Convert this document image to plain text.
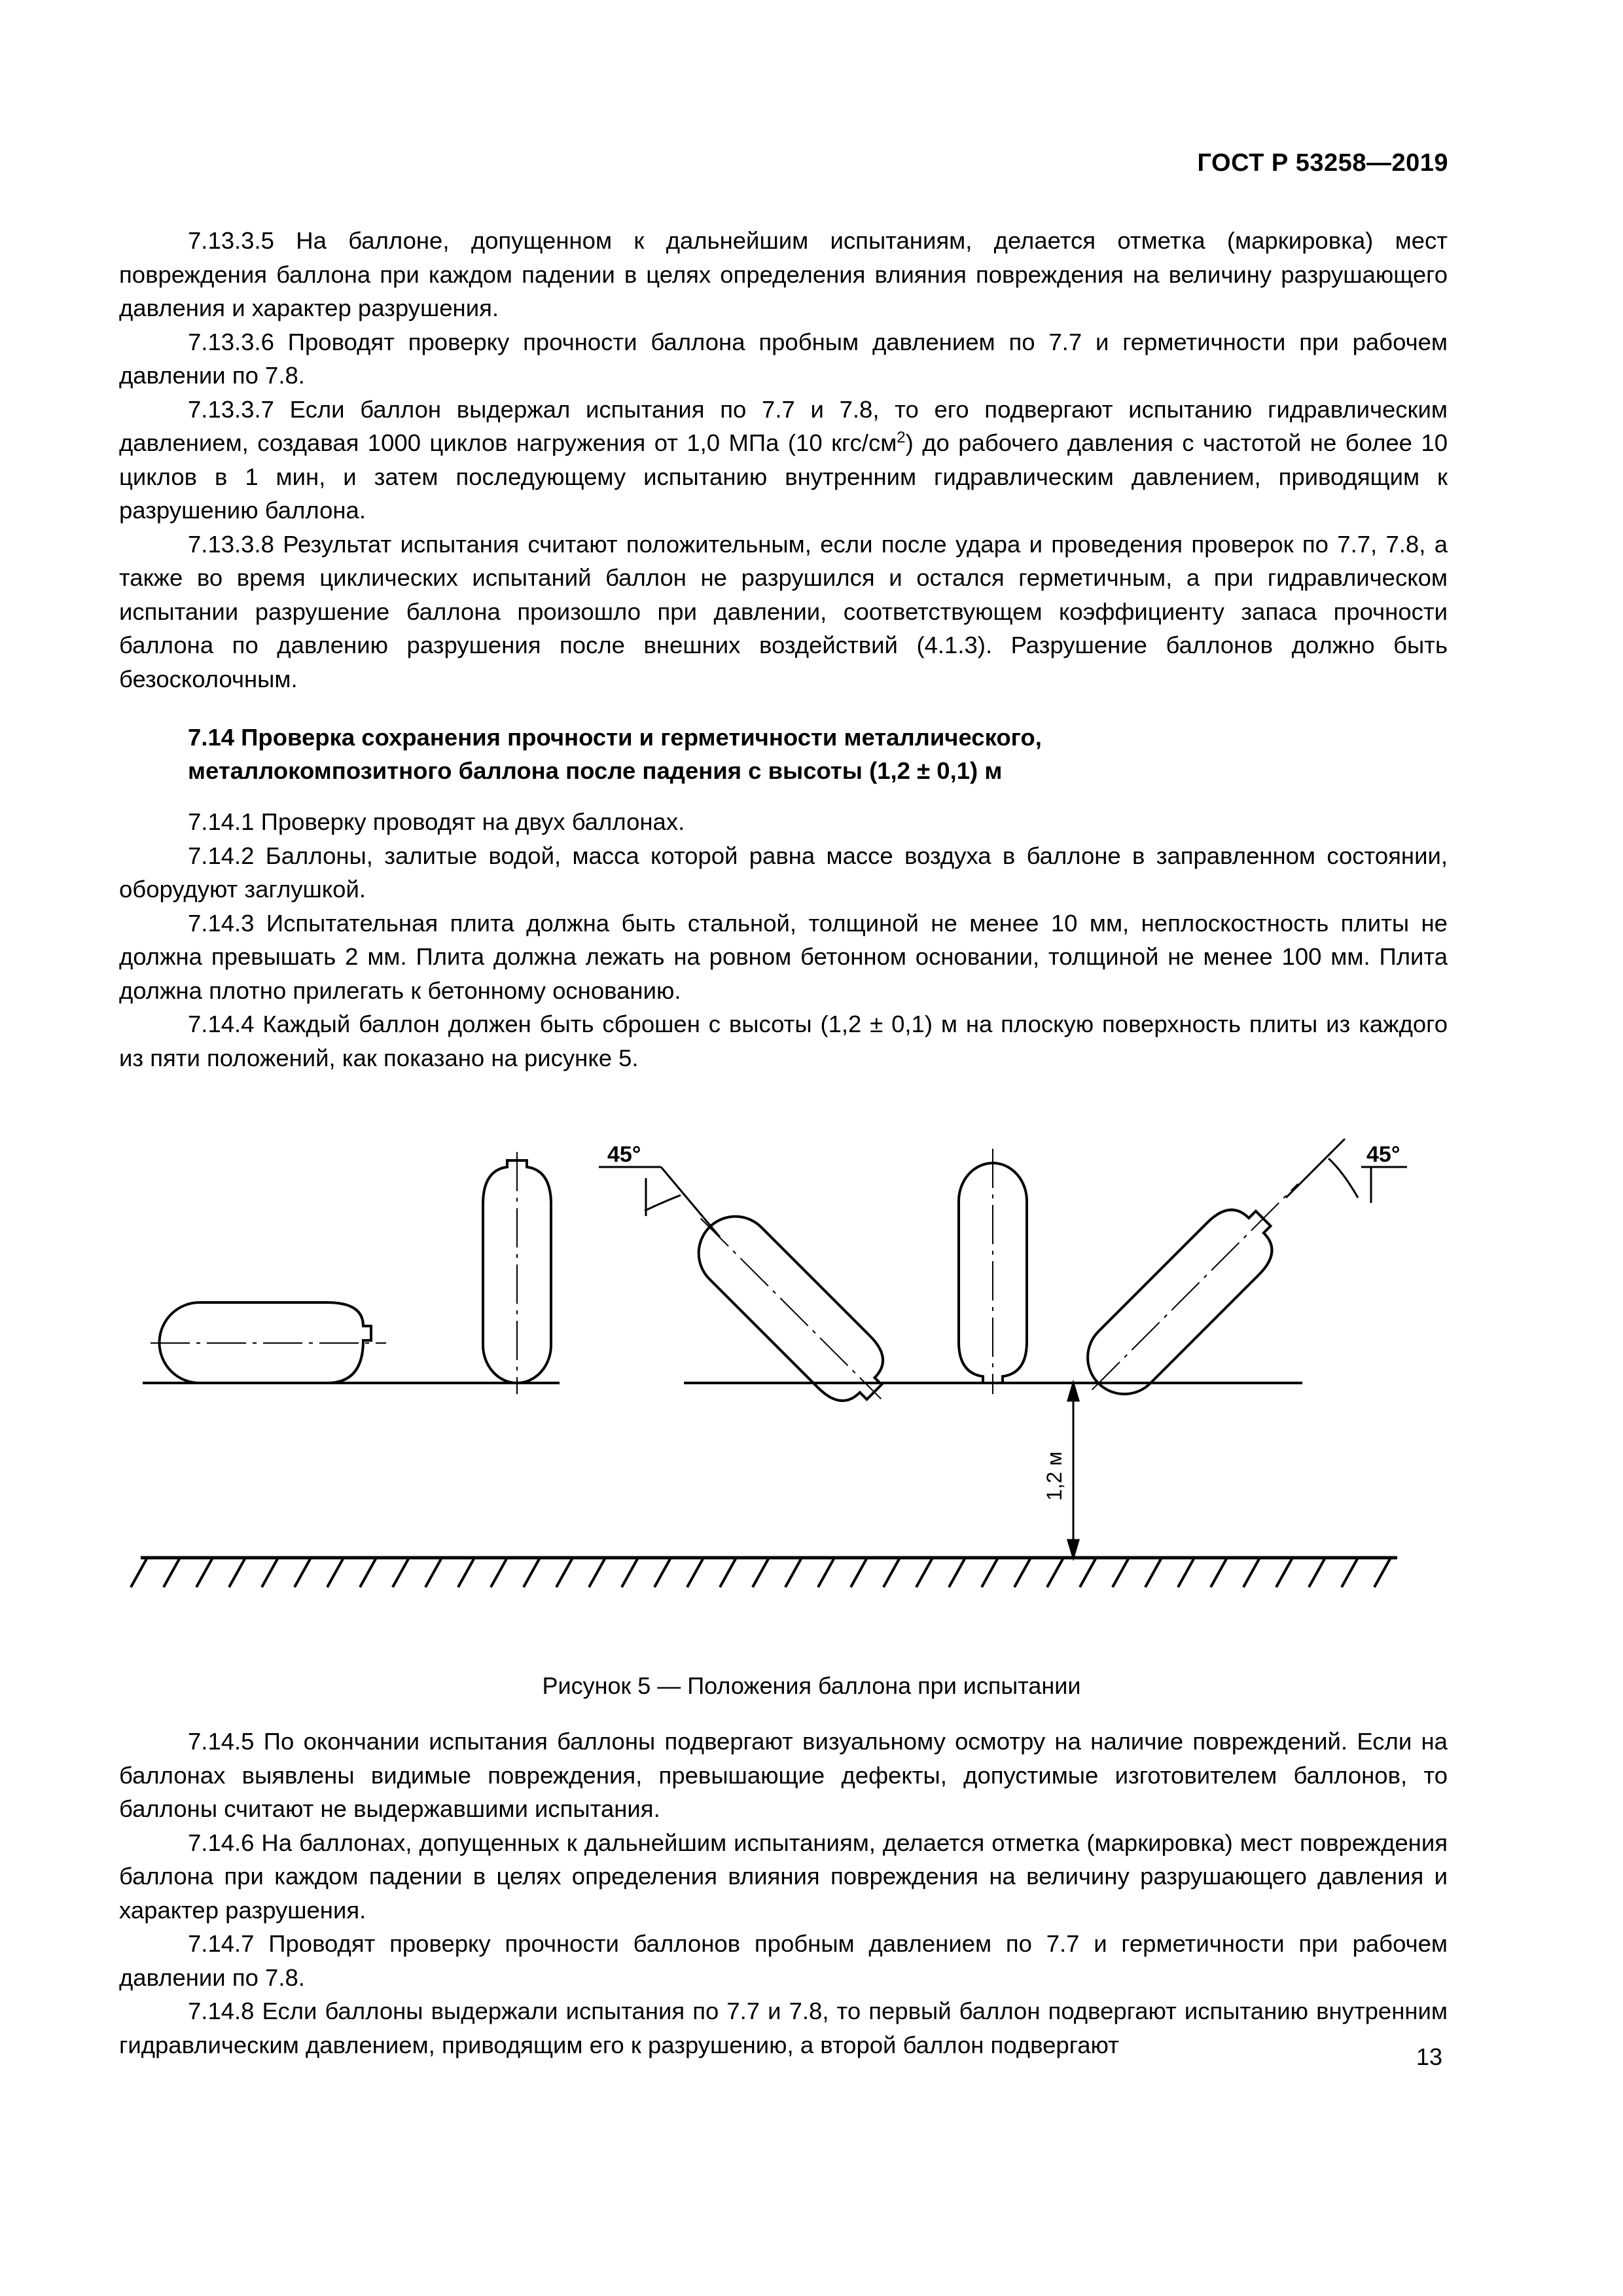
ГОСТ Р 53258—2019

7.13.3.5 На баллоне, допущенном к дальнейшим испытаниям, делается отметка (маркировка) мест повреждения баллона при каждом падении в целях определения влияния повреждения на величину разрушающего давления и характер разрушения.

7.13.3.6 Проводят проверку прочности баллона пробным давлением по 7.7 и герметичности при рабочем давлении по 7.8.

7.13.3.7 Если баллон выдержал испытания по 7.7 и 7.8, то его подвергают испытанию гидравлическим давлением, создавая 1000 циклов нагружения от 1,0 МПа (10 кгс/$см^2$) до рабочего давления с частотой не более 10 циклов в 1 мин, и затем последующему испытанию внутренним гидравлическим давлением, приводящим к разрушению баллона.

7.13.3.8 Результат испытания считают положительным, если после удара и проведения проверок по 7.7, 7.8, а также во время циклических испытаний баллон не разрушился и остался герметичным, а при гидравлическом испытании разрушение баллона произошло при давлении, соответствующем коэффициенту запаса прочности баллона по давлению разрушения после внешних воздействий (4.1.3). Разрушение баллонов должно быть безосколочным.

7.14 Проверка сохранения прочности и герметичности металлического,
металлокомпозитного баллона после падения с высоты (1,2 ± 0,1) м

7.14.1 Проверку проводят на двух баллонах.

7.14.2 Баллоны, залитые водой, масса которой равна массе воздуха в баллоне в заправленном состоянии, оборудуют заглушкой.

7.14.3 Испытательная плита должна быть стальной, толщиной не менее 10 мм, неплоскостность плиты не должна превышать 2 мм. Плита должна лежать на ровном бетонном основании, толщиной не менее 100 мм. Плита должна плотно прилегать к бетонному основанию.

7.14.4 Каждый баллон должен быть сброшен с высоты (1,2 ± 0,1) м на плоскую поверхность плиты из каждого из пяти положений, как показано на рисунке 5.

45°
1,2 м
45°
Рисунок 5 — Положения баллона при испытании

7.14.5 По окончании испытания баллоны подвергают визуальному осмотру на наличие повреждений. Если на баллонах выявлены видимые повреждения, превышающие дефекты, допустимые изготовителем баллонов, то баллоны считают не выдержавшими испытания.

7.14.6 На баллонах, допущенных к дальнейшим испытаниям, делается отметка (маркировка) мест повреждения баллона при каждом падении в целях определения влияния повреждения на величину разрушающего давления и характер разрушения.

7.14.7 Проводят проверку прочности баллонов пробным давлением по 7.7 и герметичности при рабочем давлении по 7.8.

7.14.8 Если баллоны выдержали испытания по 7.7 и 7.8, то первый баллон подвергают испытанию внутренним гидравлическим давлением, приводящим его к разрушению, а второй баллон подвергают	13
